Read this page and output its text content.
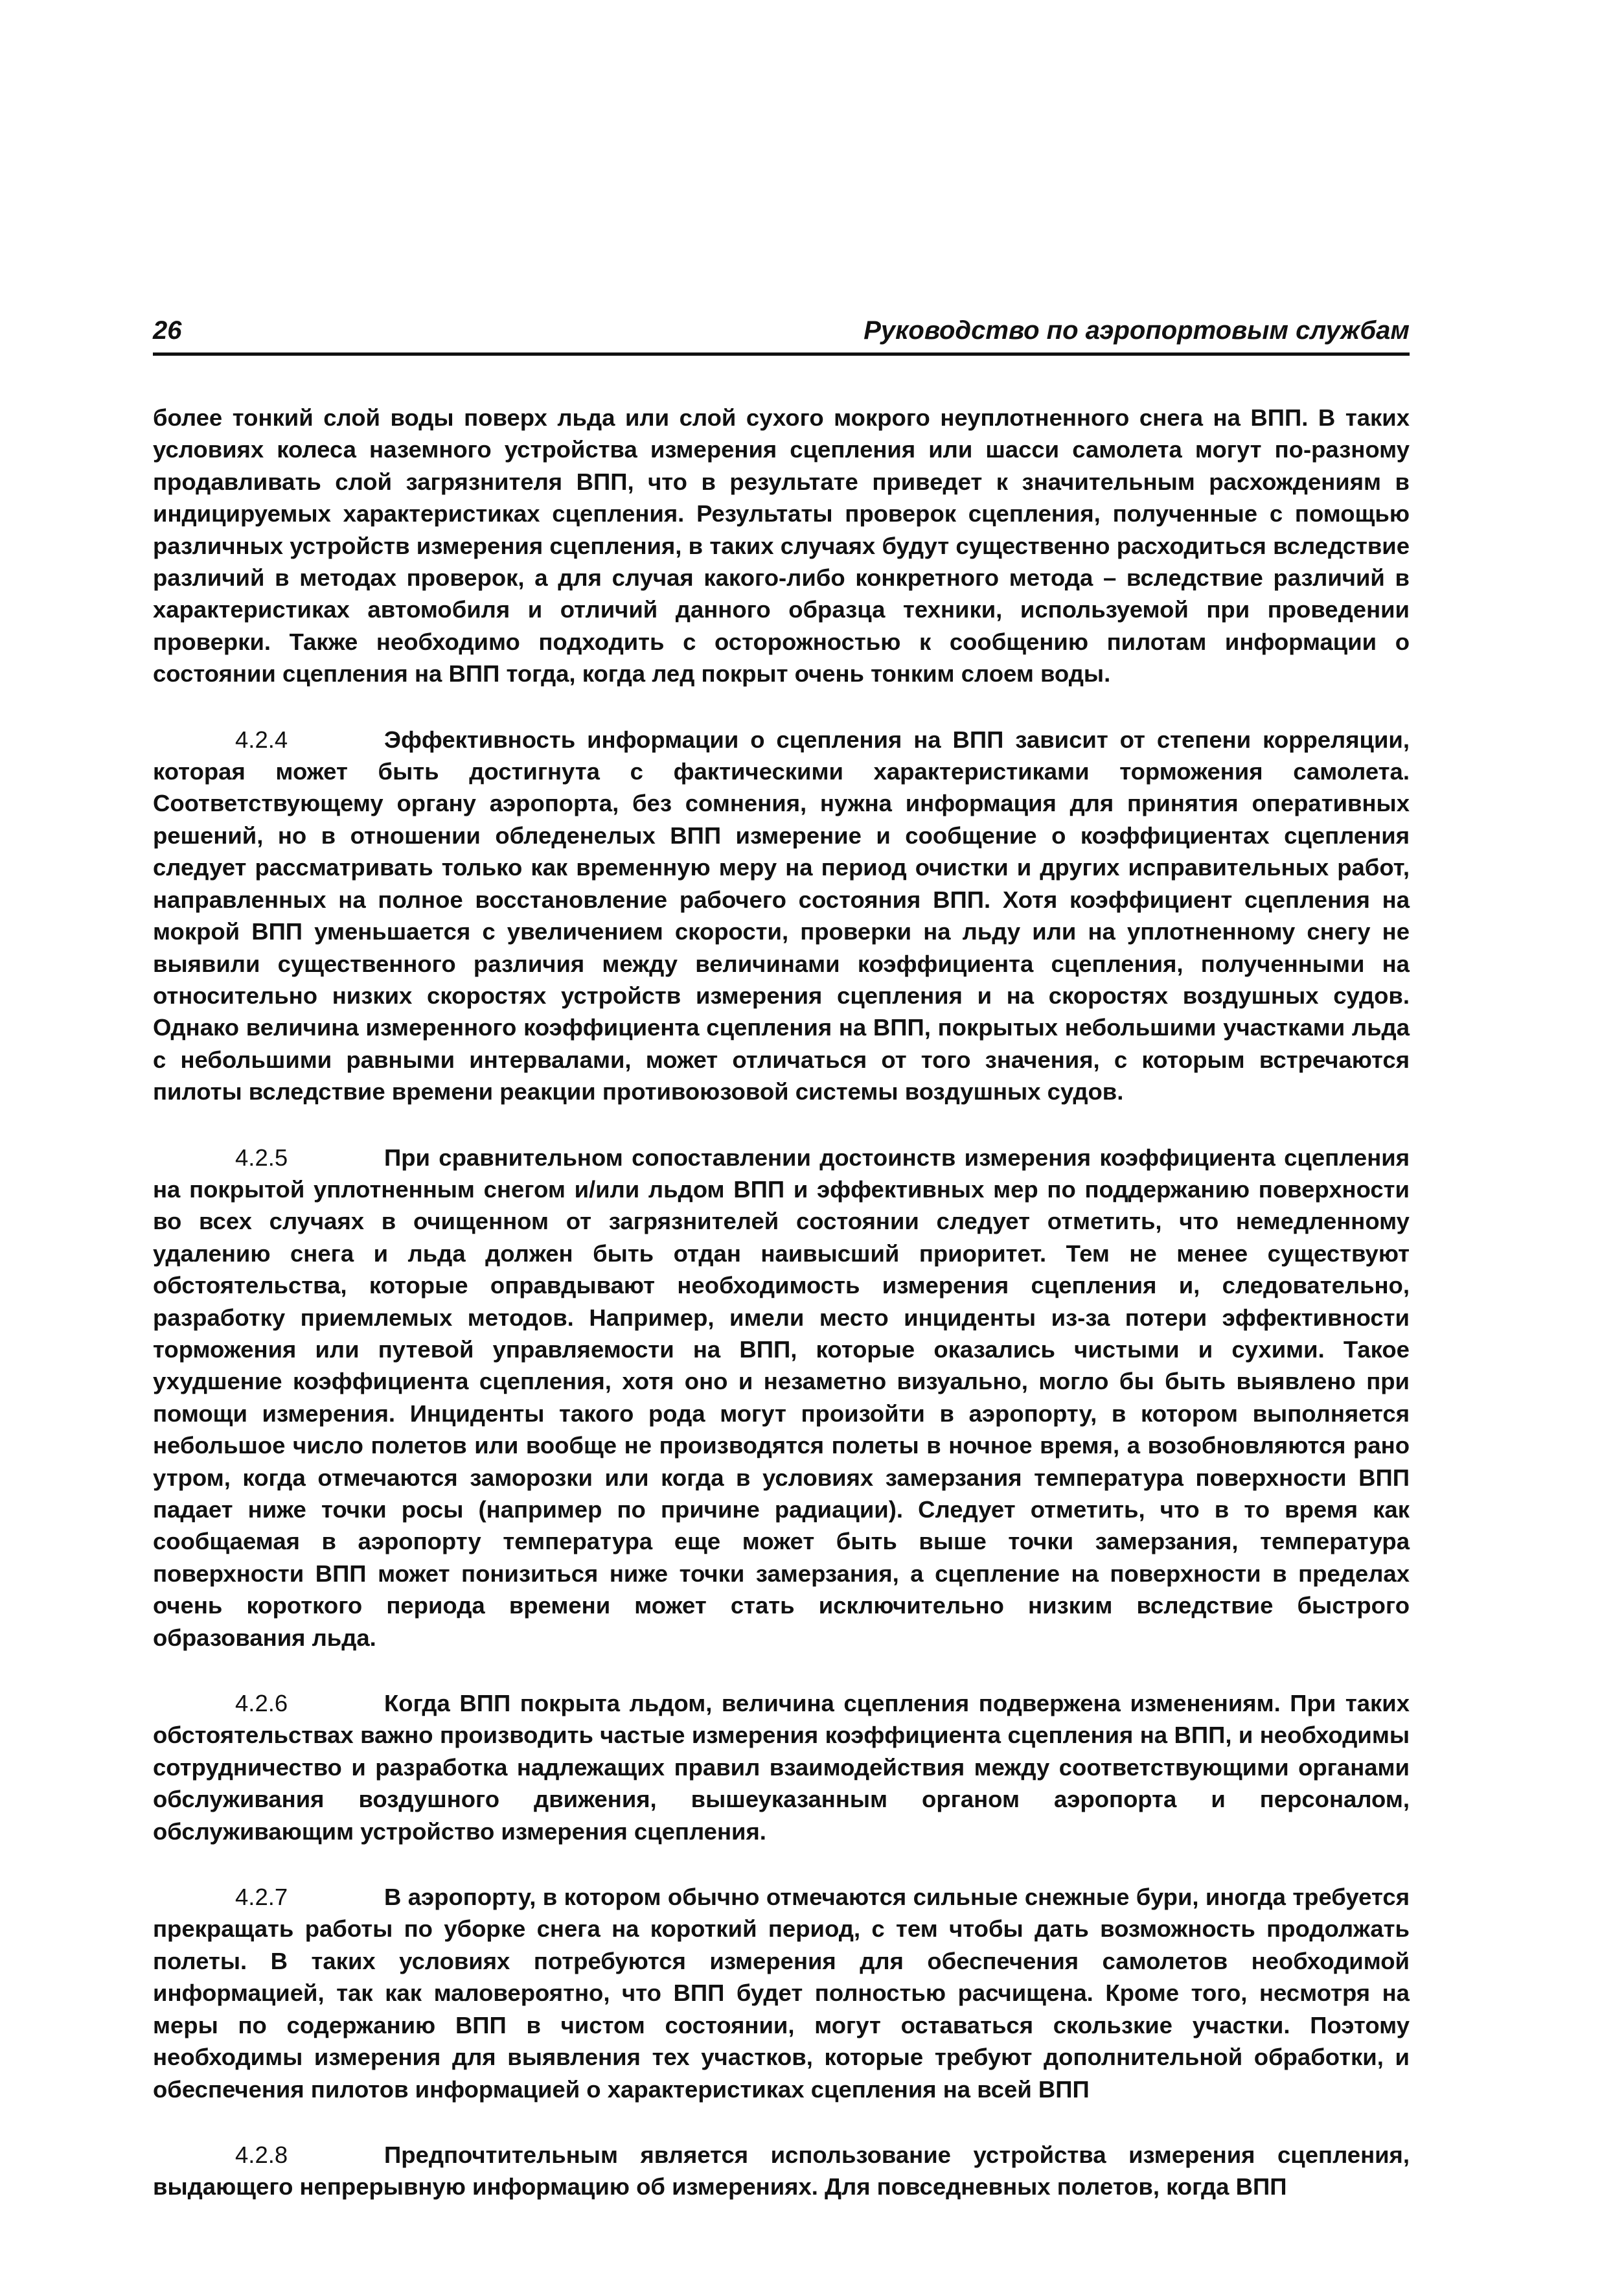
26	Руководство по аэропортовым службам

более тонкий слой воды поверх льда или слой сухого мокрого неуплотненного снега на ВПП. В таких условиях колеса наземного устройства измерения сцепления или шасси самолета могут по-разному продавливать слой загрязнителя ВПП, что в результате приведет к значительным расхождениям в индицируемых характеристиках сцепления. Результаты проверок сцепления, полученные с помощью различных устройств измерения сцепления, в таких случаях будут существенно расходиться вследствие различий в методах проверок, а для случая какого-либо конкретного метода – вследствие различий в характеристиках автомобиля и отличий данного образца техники, используемой при проведении проверки. Также необходимо подходить с осторожностью к сообщению пилотам информации о состоянии сцепления на ВПП тогда, когда лед покрыт очень тонким слоем воды.

4.2.4	Эффективность информации о сцепления на ВПП зависит от степени корреляции, которая может быть достигнута с фактическими характеристиками торможения самолета. Соответствующему органу аэропорта, без сомнения, нужна информация для принятия оперативных решений, но в отношении обледенелых ВПП измерение и сообщение о коэффициентах сцепления следует рассматривать только как временную меру на период очистки и других исправительных работ, направленных на полное восстановление рабочего состояния ВПП. Хотя коэффициент сцепления на мокрой ВПП уменьшается с увеличением скорости, проверки на льду или на уплотненному снегу не выявили существенного различия между величинами коэффициента сцепления, полученными на относительно низких скоростях устройств измерения сцепления и на скоростях воздушных судов. Однако величина измеренного коэффициента сцепления на ВПП, покрытых небольшими участками льда с небольшими равными интервалами, может отличаться от того значения, с которым встречаются пилоты вследствие времени реакции противоюзовой системы воздушных судов.

4.2.5	При сравнительном сопоставлении достоинств измерения коэффициента сцепления на покрытой уплотненным снегом и/или льдом ВПП и эффективных мер по поддержанию поверхности во всех случаях в очищенном от загрязнителей состоянии следует отметить, что немедленному удалению снега и льда должен быть отдан наивысший приоритет. Тем не менее существуют обстоятельства, которые оправдывают необходимость измерения сцепления и, следовательно, разработку приемлемых методов. Например, имели место инциденты из-за потери эффективности торможения или путевой управляемости на ВПП, которые оказались чистыми и сухими. Такое ухудшение коэффициента сцепления, хотя оно и незаметно визуально, могло бы быть выявлено при помощи измерения. Инциденты такого рода могут произойти в аэропорту, в котором выполняется небольшое число полетов или вообще не производятся полеты в ночное время, а возобновляются рано утром, когда отмечаются заморозки или когда в условиях замерзания температура поверхности ВПП падает ниже точки росы (например по причине радиации). Следует отметить, что в то время как сообщаемая в аэропорту температура еще может быть выше точки замерзания, температура поверхности ВПП может понизиться ниже точки замерзания, а сцепление на поверхности в пределах очень короткого периода времени может стать исключительно низким вследствие быстрого образования льда.

4.2.6	Когда ВПП покрыта льдом, величина сцепления подвержена изменениям. При таких обстоятельствах важно производить частые измерения коэффициента сцепления на ВПП, и необходимы сотрудничество и разработка надлежащих правил взаимодействия между соответствующими органами обслуживания воздушного движения, вышеуказанным органом аэропорта и персоналом, обслуживающим устройство измерения сцепления.

4.2.7	В аэропорту, в котором обычно отмечаются сильные снежные бури, иногда требуется прекращать работы по уборке снега на короткий период, с тем чтобы дать возможность продолжать полеты. В таких условиях потребуются измерения для обеспечения самолетов необходимой информацией, так как маловероятно, что ВПП будет полностью расчищена. Кроме того, несмотря на меры по содержанию ВПП в чистом состоянии, могут оставаться скользкие участки. Поэтому необходимы измерения для выявления тех участков, которые требуют дополнительной обработки, и обеспечения пилотов информацией о характеристиках сцепления на всей ВПП

4.2.8	Предпочтительным является использование устройства измерения сцепления, выдающего непрерывную информацию об измерениях. Для повседневных полетов, когда ВПП
